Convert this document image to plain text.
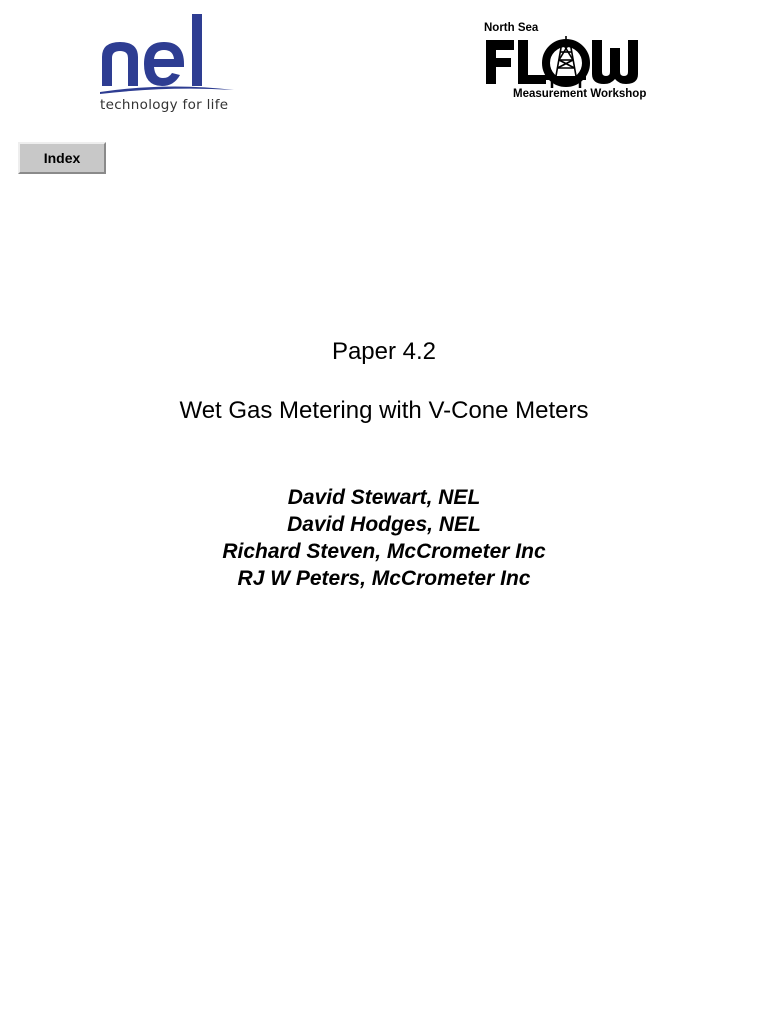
technology for life
North Sea
Measurement Workshop
Index
Paper 4.2
Wet Gas Metering with V-Cone Meters
David Stewart, NEL
David Hodges, NEL
Richard Steven, McCrometer Inc
RJ W Peters, McCrometer Inc
